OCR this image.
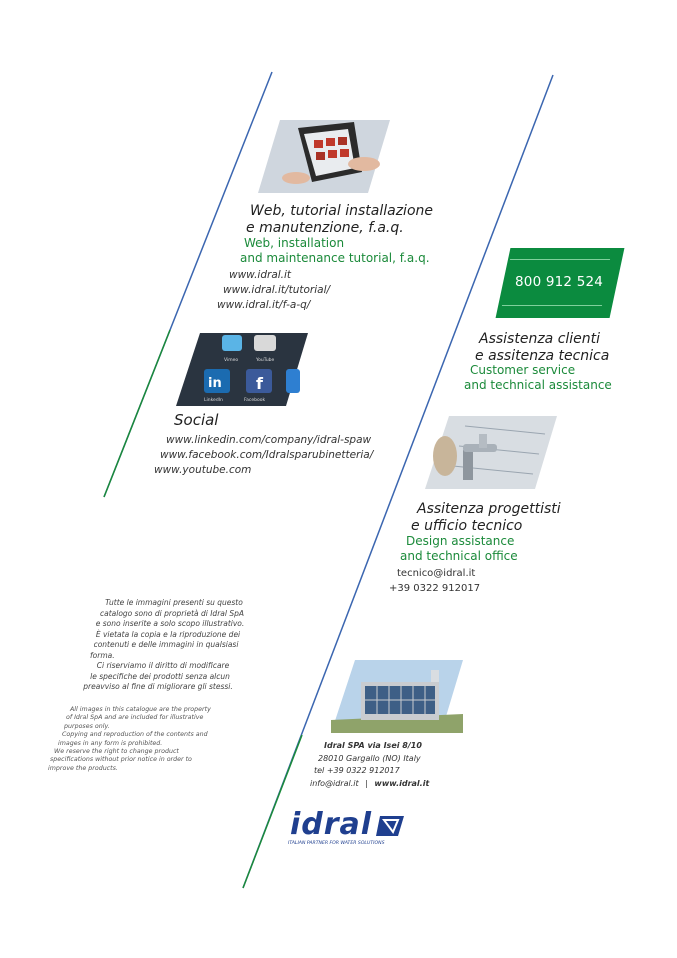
Web, tutorial installazione
e manutenzione, f.a.q.
Web, installation
and maintenance tutorial, f.a.q.
www.idral.it
www.idral.it/tutorial/
www.idral.it/f-a-q/
Vimeo	YouTube
in
LinkedIn
f
Facebook
Social
www.linkedin.com/company/idral-spaw
www.facebook.com/Idralsparubinetteria/
www.youtube.com
800 912 524
Assistenza clienti
e assitenza tecnica
Customer service
and technical assistance
Assitenza progettisti
e ufficio tecnico
Design assistance
and technical office
tecnico@idral.it
+39 0322 912017
Tutte le immagini presenti su questo
catalogo sono di proprietà di Idral SpA
e sono inserite a solo scopo illustrativo.
È vietata la copia e la riproduzione dei
contenuti e delle immagini in qualsiasi
forma.
Ci riserviamo il diritto di modificare
le specifiche dei prodotti senza alcun
preavviso al fine di migliorare gli stessi.
All images in this catalogue are the property
of Idral SpA and are included for illustrative
purposes only.
Copying and reproduction of the contents and
images in any form is prohibited.
We reserve the right to change product
specifications without prior notice in order to
improve the products.
Idral SPA via Isei 8/10
28010 Gargallo (NO) Italy
tel +39 0322 912017
info@idral.it | www.idral.it
idral
ITALIAN PARTNER FOR WATER SOLUTIONS
